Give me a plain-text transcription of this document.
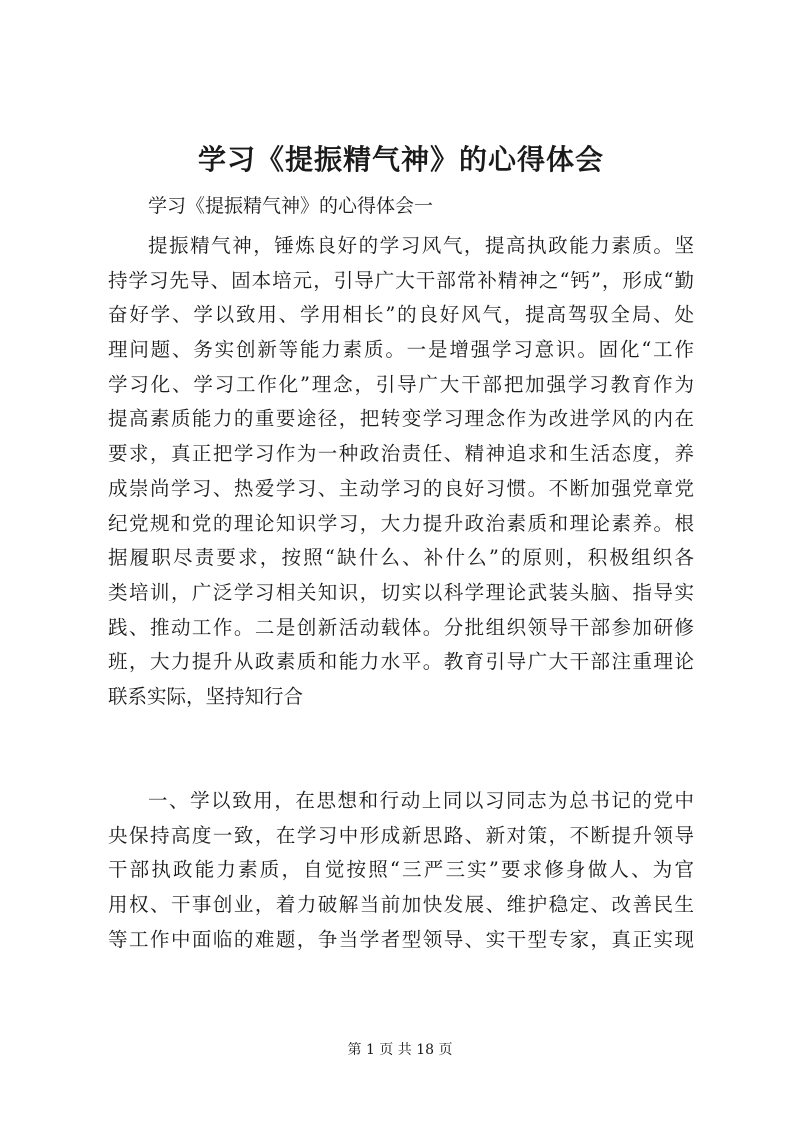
学习《提振精气神》的心得体会
学习《提振精气神》的心得体会一
提振精气神，锤炼良好的学习风气，提高执政能力素质。坚
持学习先导、固本培元，引导广大干部常补精神之“钙”，形成“勤
奋好学、学以致用、学用相长”的良好风气，提高驾驭全局、处
理问题、务实创新等能力素质。一是增强学习意识。固化“工作
学习化、学习工作化”理念，引导广大干部把加强学习教育作为
提高素质能力的重要途径，把转变学习理念作为改进学风的内在
要求，真正把学习作为一种政治责任、精神追求和生活态度，养
成崇尚学习、热爱学习、主动学习的良好习惯。不断加强党章党
纪党规和党的理论知识学习，大力提升政治素质和理论素养。根
据履职尽责要求，按照“缺什么、补什么”的原则，积极组织各
类培训，广泛学习相关知识，切实以科学理论武装头脑、指导实
践、推动工作。二是创新活动载体。分批组织领导干部参加研修
班，大力提升从政素质和能力水平。教育引导广大干部注重理论
联系实际，坚持知行合
一、学以致用，在思想和行动上同以习同志为总书记的党中
央保持高度一致，在学习中形成新思路、新对策，不断提升领导
干部执政能力素质，自觉按照“三严三实”要求修身做人、为官
用权、干事创业，着力破解当前加快发展、维护稳定、改善民生
等工作中面临的难题，争当学者型领导、实干型专家，真正实现
第 1 页 共 18 页
